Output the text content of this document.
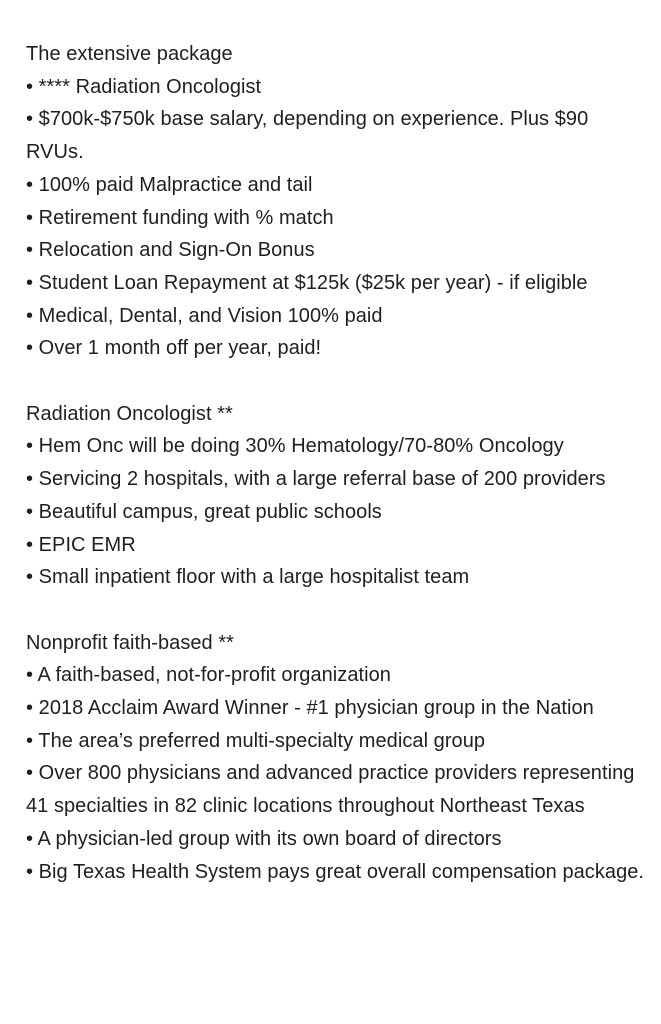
The extensive package

• **** Radiation Oncologist

• $700k-$750k base salary, depending on experience. Plus $90 RVUs.

• 100% paid Malpractice and tail

• Retirement funding with % match

• Relocation and Sign-On Bonus

• Student Loan Repayment at $125k ($25k per year) - if eligible

• Medical, Dental, and Vision 100% paid

• Over 1 month off per year, paid!

Radiation Oncologist **

• Hem Onc will be doing 30% Hematology/70-80% Oncology

• Servicing 2 hospitals, with a large referral base of 200 providers

• Beautiful campus, great public schools

• EPIC EMR

• Small inpatient floor with a large hospitalist team

Nonprofit faith-based **

• A faith-based, not-for-profit organization

• 2018 Acclaim Award Winner - #1 physician group in the Nation

• The area’s preferred multi-specialty medical group

• Over 800 physicians and advanced practice providers representing 41 specialties in 82 clinic locations throughout Northeast Texas

• A physician-led group with its own board of directors

• Big Texas Health System pays great overall compensation package.
